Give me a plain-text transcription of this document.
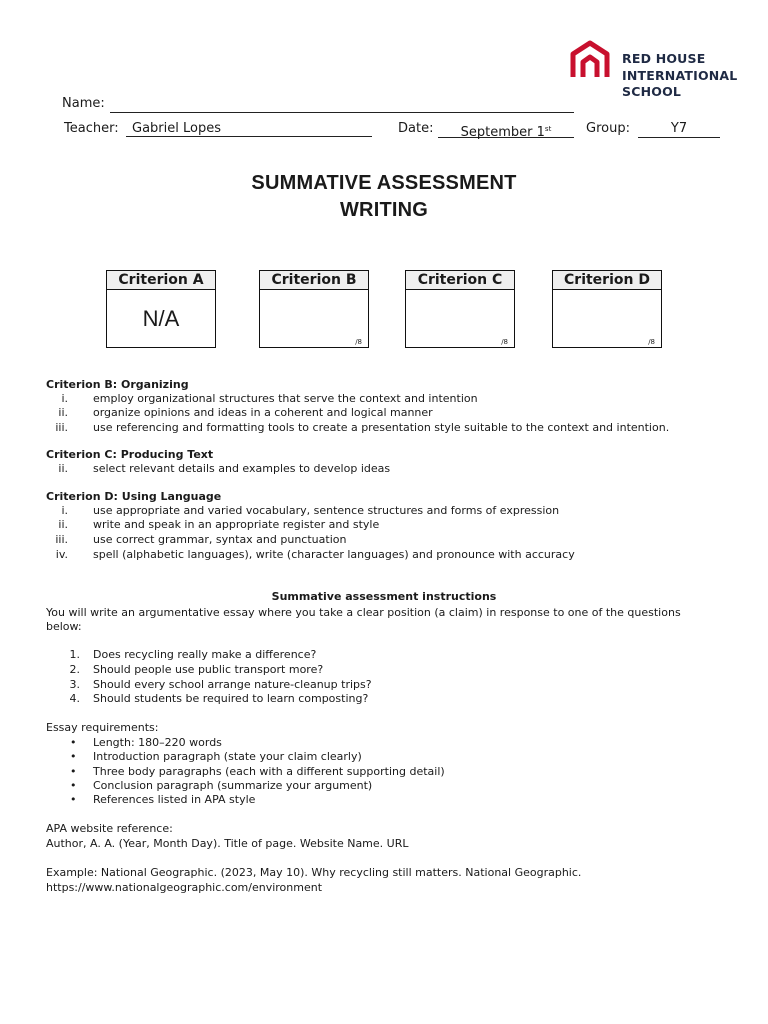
RED HOUSE
INTERNATIONAL
SCHOOL
Name:
Teacher:	Gabriel Lopes	Date:	September 1st	Group:	Y7
SUMMATIVE ASSESSMENT
WRITING
Criterion A
N/A
Criterion B
/8
Criterion C
/8
Criterion D
/8
Criterion B: Organizing
i. employ organizational structures that serve the context and intention
ii. organize opinions and ideas in a coherent and logical manner
iii. use referencing and formatting tools to create a presentation style suitable to the context and intention.
Criterion C: Producing Text
ii. select relevant details and examples to develop ideas
Criterion D: Using Language
i. use appropriate and varied vocabulary, sentence structures and forms of expression
ii. write and speak in an appropriate register and style
iii. use correct grammar, syntax and punctuation
iv. spell (alphabetic languages), write (character languages) and pronounce with accuracy
Summative assessment instructions
You will write an argumentative essay where you take a clear position (a claim) in response to one of the questions
below:
1. Does recycling really make a difference?
2. Should people use public transport more?
3. Should every school arrange nature-cleanup trips?
4. Should students be required to learn composting?
Essay requirements:
• Length: 180–220 words
• Introduction paragraph (state your claim clearly)
• Three body paragraphs (each with a different supporting detail)
• Conclusion paragraph (summarize your argument)
• References listed in APA style
APA website reference:
Author, A. A. (Year, Month Day). Title of page. Website Name. URL
Example: National Geographic. (2023, May 10). Why recycling still matters. National Geographic.
https://www.nationalgeographic.com/environment
